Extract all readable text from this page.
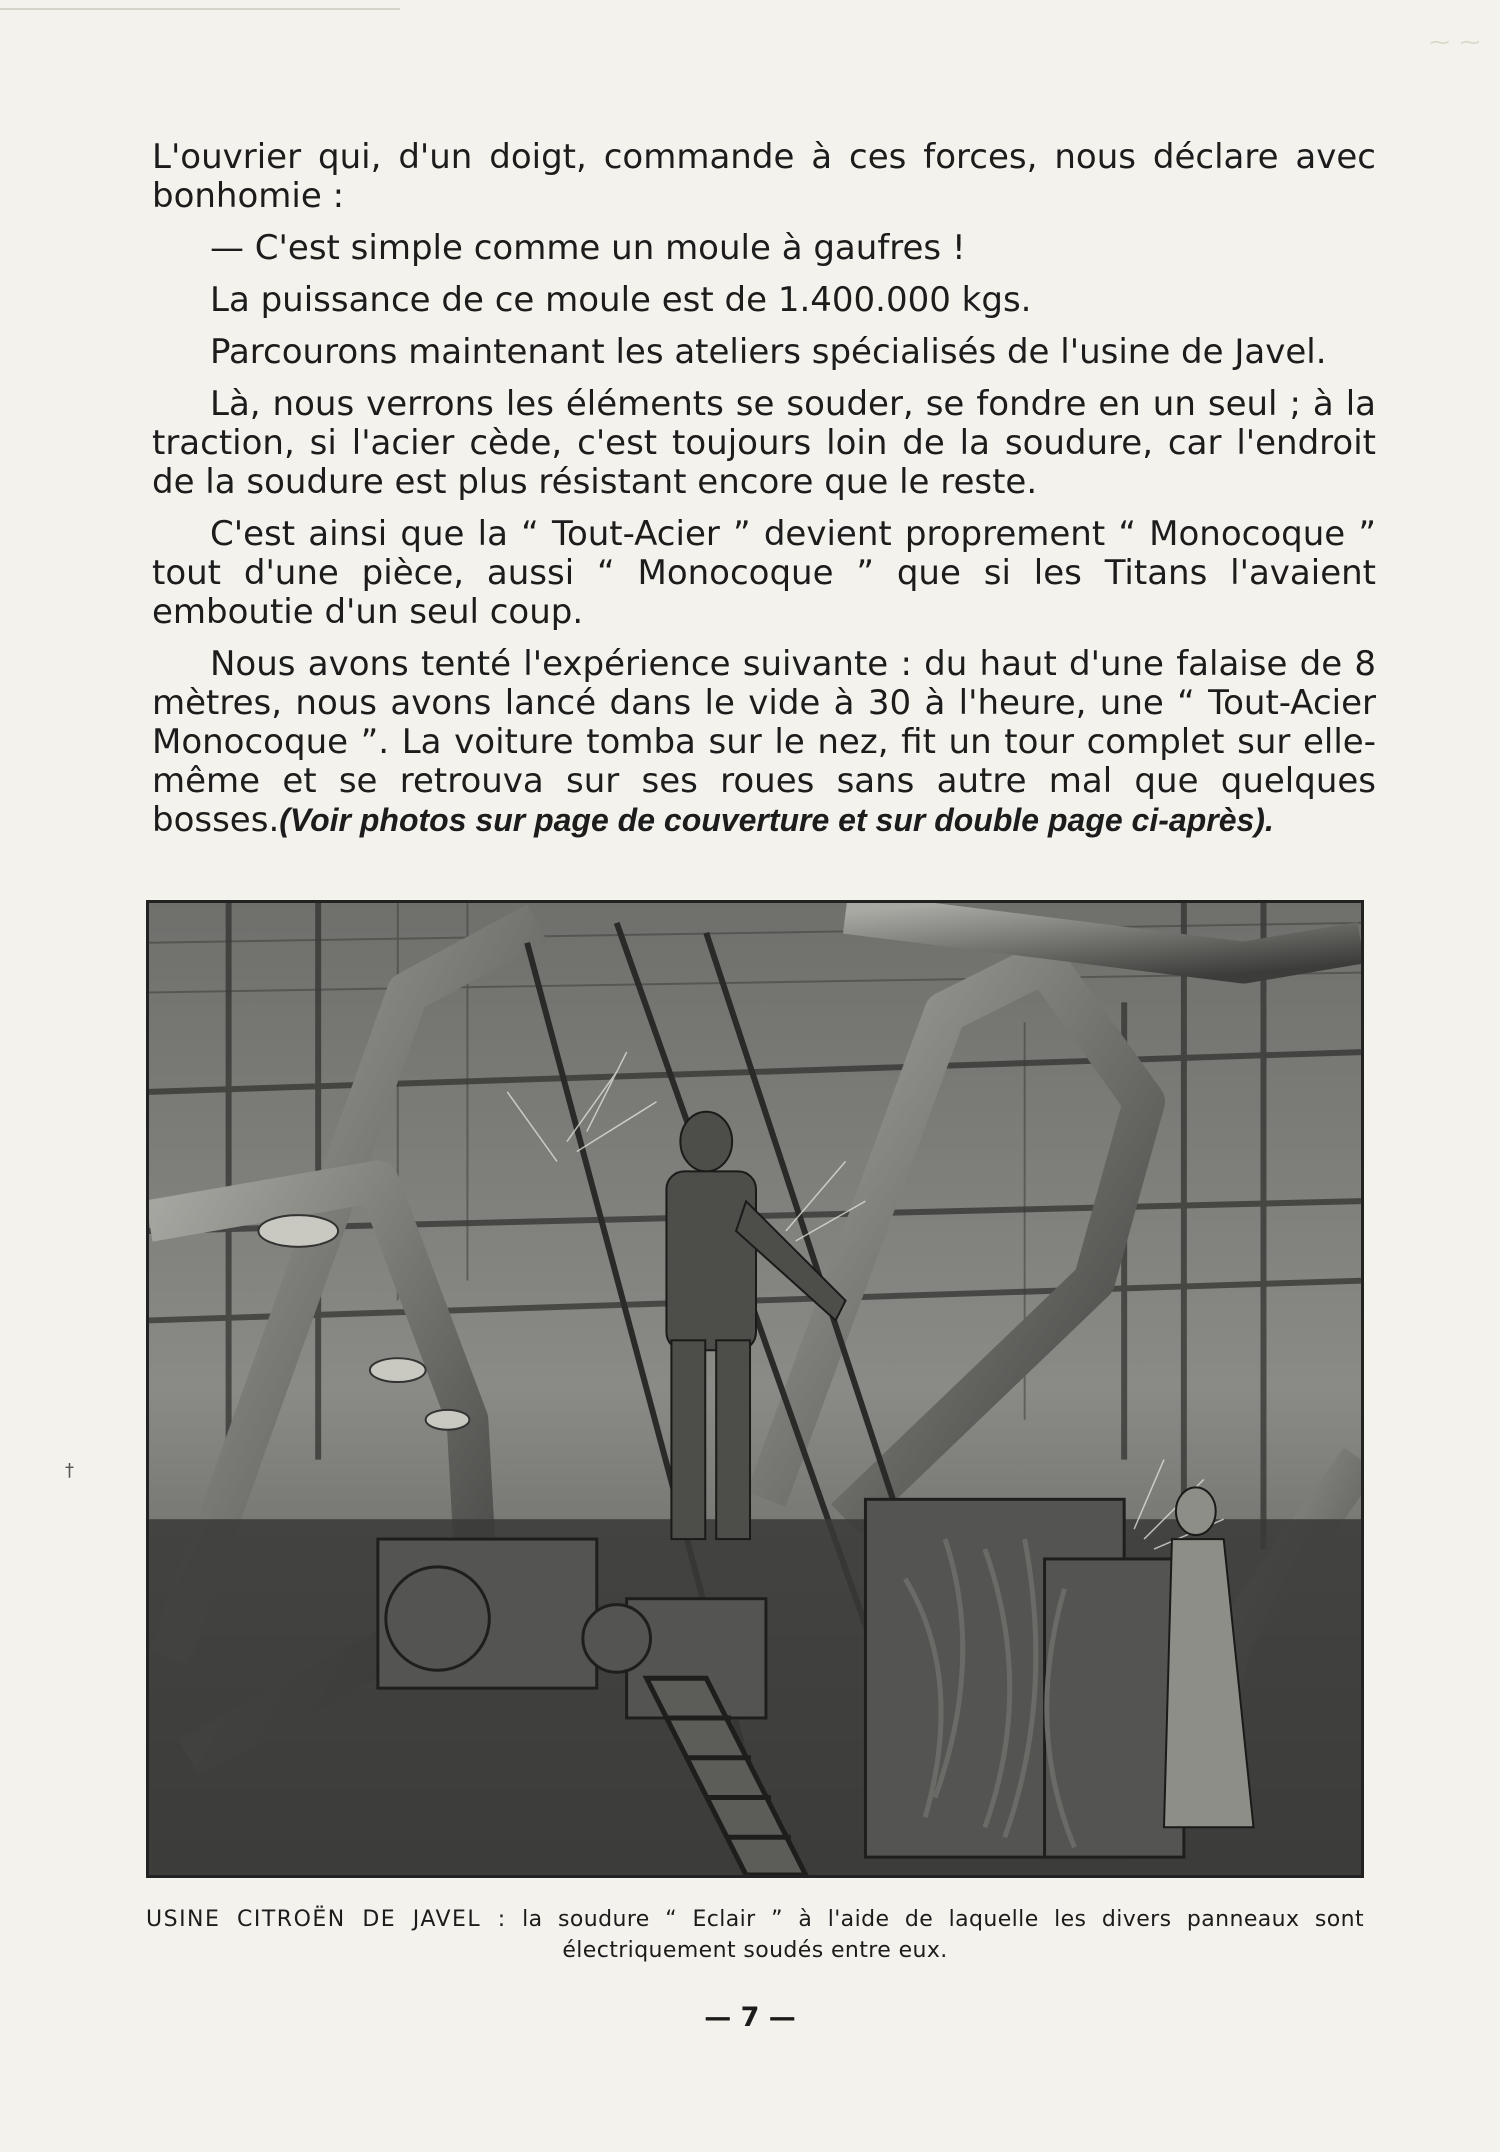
⁓ ⁓

L'ouvrier qui, d'un doigt, commande à ces forces, nous déclare avec bonhomie :

— C'est simple comme un moule à gaufres !

La puissance de ce moule est de 1.400.000 kgs.

Parcourons maintenant les ateliers spécialisés de l'usine de Javel.

Là, nous verrons les éléments se souder, se fondre en un seul ; à la traction, si l'acier cède, c'est toujours loin de la soudure, car l'endroit de la soudure est plus résistant encore que le reste.

C'est ainsi que la “ Tout-Acier ” devient proprement “ Monocoque ” tout d'une pièce, aussi “ Monocoque ” que si les Titans l'avaient emboutie d'un seul coup.

Nous avons tenté l'expérience suivante : du haut d'une falaise de 8 mètres, nous avons lancé dans le vide à 30 à l'heure, une “ Tout-Acier Monocoque ”. La voiture tomba sur le nez, fit un tour complet sur elle-même et se retrouva sur ses roues sans autre mal que quelques bosses.(Voir photos sur page de couverture et sur double page ci-après).

USINE CITROËN DE JAVEL : la soudure “ Eclair ” à l'aide de laquelle les divers panneaux sont
électriquement soudés entre eux.
— 7 —
†
